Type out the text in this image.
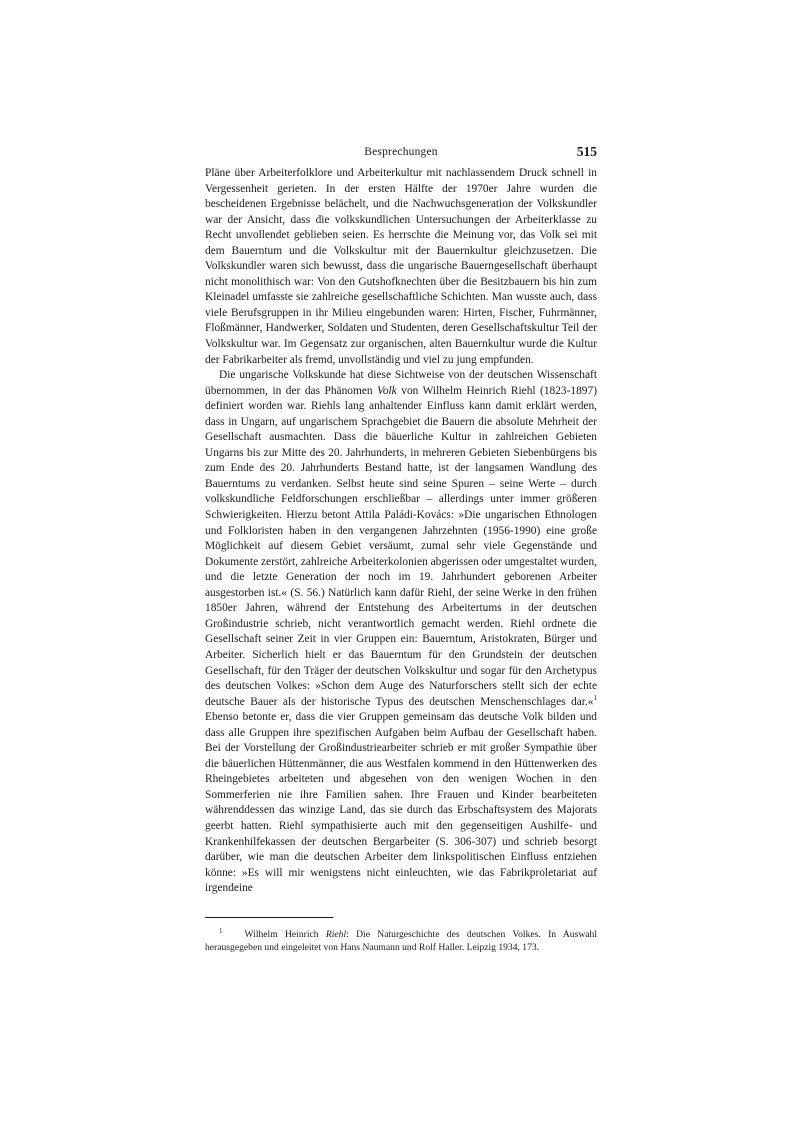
Besprechungen	515

Pläne über Arbeiterfolklore und Arbeiterkultur mit nachlassendem Druck schnell in Vergessenheit gerieten. In der ersten Hälfte der 1970er Jahre wurden die bescheidenen Ergebnisse belächelt, und die Nachwuchsgeneration der Volkskundler war der Ansicht, dass die volkskundlichen Untersuchungen der Arbeiterklasse zu Recht unvollendet geblieben seien. Es herrschte die Meinung vor, das Volk sei mit dem Bauerntum und die Volkskultur mit der Bauernkultur gleichzusetzen. Die Volkskundler waren sich bewusst, dass die ungarische Bauerngesellschaft überhaupt nicht monolithisch war: Von den Gutshofknechten über die Besitzbauern bis hin zum Kleinadel umfasste sie zahlreiche gesellschaftliche Schichten. Man wusste auch, dass viele Berufsgruppen in ihr Milieu eingebunden waren: Hirten, Fischer, Fuhrmänner, Floßmänner, Handwerker, Soldaten und Studenten, deren Gesellschaftskultur Teil der Volkskultur war. Im Gegensatz zur organischen, alten Bauernkultur wurde die Kultur der Fabrikarbeiter als fremd, unvollständig und viel zu jung empfunden.

Die ungarische Volkskunde hat diese Sichtweise von der deutschen Wissenschaft übernommen, in der das Phänomen Volk von Wilhelm Heinrich Riehl (1823-1897) definiert worden war. Riehls lang anhaltender Einfluss kann damit erklärt werden, dass in Ungarn, auf ungarischem Sprachgebiet die Bauern die absolute Mehrheit der Gesellschaft ausmachten. Dass die bäuerliche Kultur in zahlreichen Gebieten Ungarns bis zur Mitte des 20. Jahrhunderts, in mehreren Gebieten Siebenbürgens bis zum Ende des 20. Jahrhunderts Bestand hatte, ist der langsamen Wandlung des Bauerntums zu verdanken. Selbst heute sind seine Spuren – seine Werte – durch volkskundliche Feldforschungen erschließbar – allerdings unter immer größeren Schwierigkeiten. Hierzu betont Attila Paládi-Kovács: »Die ungarischen Ethnologen und Folkloristen haben in den vergangenen Jahrzehnten (1956-1990) eine große Möglichkeit auf diesem Gebiet versäumt, zumal sehr viele Gegenstände und Dokumente zerstört, zahlreiche Arbeiterkolonien abgerissen oder umgestaltet wurden, und die letzte Generation der noch im 19. Jahrhundert geborenen Arbeiter ausgestorben ist.« (S. 56.) Natürlich kann dafür Riehl, der seine Werke in den frühen 1850er Jahren, während der Entstehung des Arbeitertums in der deutschen Großindustrie schrieb, nicht verantwortlich gemacht werden. Riehl ordnete die Gesellschaft seiner Zeit in vier Gruppen ein: Bauerntum, Aristokraten, Bürger und Arbeiter. Sicherlich hielt er das Bauerntum für den Grundstein der deutschen Gesellschaft, für den Träger der deutschen Volkskultur und sogar für den Archetypus des deutschen Volkes: »Schon dem Auge des Naturforschers stellt sich der echte deutsche Bauer als der historische Typus des deutschen Menschenschlages dar.«$^1$ Ebenso betonte er, dass die vier Gruppen gemeinsam das deutsche Volk bilden und dass alle Gruppen ihre spezifischen Aufgaben beim Aufbau der Gesellschaft haben. Bei der Vorstellung der Großindustriearbeiter schrieb er mit großer Sympathie über die bäuerlichen Hüttenmänner, die aus Westfalen kommend in den Hüttenwerken des Rheingebietes arbeiteten und abgesehen von den wenigen Wochen in den Sommerferien nie ihre Familien sahen. Ihre Frauen und Kinder bearbeiteten währenddessen das winzige Land, das sie durch das Erbschaftsystem des Majorats geerbt hatten. Riehl sympathisierte auch mit den gegenseitigen Aushilfe- und Krankenhilfekassen der deutschen Bergarbeiter (S. 306-307) und schrieb besorgt darüber, wie man die deutschen Arbeiter dem linkspolitischen Einfluss entziehen könne: »Es will mir wenigstens nicht einleuchten, wie das Fabrikproletariat auf irgendeine

$^1$ Wilhelm Heinrich Riehl: Die Naturgeschichte des deutschen Volkes. In Auswahl herausgegeben und eingeleitet von Hans Naumann und Rolf Haller. Leipzig 1934, 173.
